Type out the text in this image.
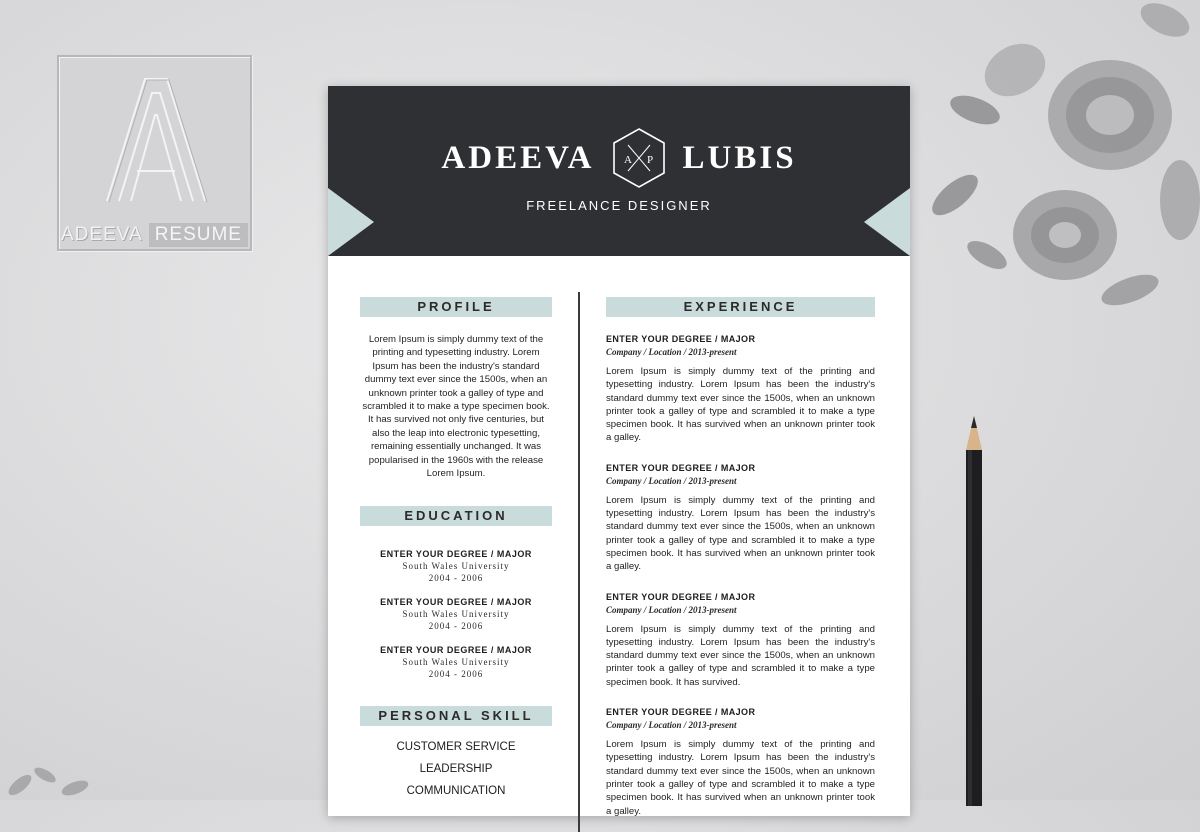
ADEEVA RESUME
ADEEVA	A P LUBIS
FREELANCE DESIGNER
PROFILE
Lorem Ipsum is simply dummy text of the printing and typesetting industry. Lorem Ipsum has been the industry's standard dummy text ever since the 1500s, when an unknown printer took a galley of type and scrambled it to make a type specimen book. It has survived not only five centuries, but also the leap into electronic typesetting, remaining essentially unchanged. It was popularised in the 1960s with the release Lorem Ipsum.
EDUCATION
ENTER YOUR DEGREE / MAJOR
South Wales University
2004 - 2006
ENTER YOUR DEGREE / MAJOR
South Wales University
2004 - 2006
ENTER YOUR DEGREE / MAJOR
South Wales University
2004 - 2006
PERSONAL SKILL
CUSTOMER SERVICE
LEADERSHIP
COMMUNICATION
EXPERIENCE
ENTER YOUR DEGREE / MAJOR
Company / Location / 2013-present
Lorem Ipsum is simply dummy text of the printing and typesetting industry. Lorem Ipsum has been the industry's standard dummy text ever since the 1500s, when an unknown printer took a galley of type and scrambled it to make a type specimen book. It has survived when an unknown printer took a galley.
ENTER YOUR DEGREE / MAJOR
Company / Location / 2013-present
Lorem Ipsum is simply dummy text of the printing and typesetting industry. Lorem Ipsum has been the industry's standard dummy text ever since the 1500s, when an unknown printer took a galley of type and scrambled it to make a type specimen book. It has survived when an unknown printer took a galley.
ENTER YOUR DEGREE / MAJOR
Company / Location / 2013-present
Lorem Ipsum is simply dummy text of the printing and typesetting industry. Lorem Ipsum has been the industry's standard dummy text ever since the 1500s, when an unknown printer took a galley of type and scrambled it to make a type specimen book. It has survived.
ENTER YOUR DEGREE / MAJOR
Company / Location / 2013-present
Lorem Ipsum is simply dummy text of the printing and typesetting industry. Lorem Ipsum has been the industry's standard dummy text ever since the 1500s, when an unknown printer took a galley of type and scrambled it to make a type specimen book. It has survived when an unknown printer took a galley.
